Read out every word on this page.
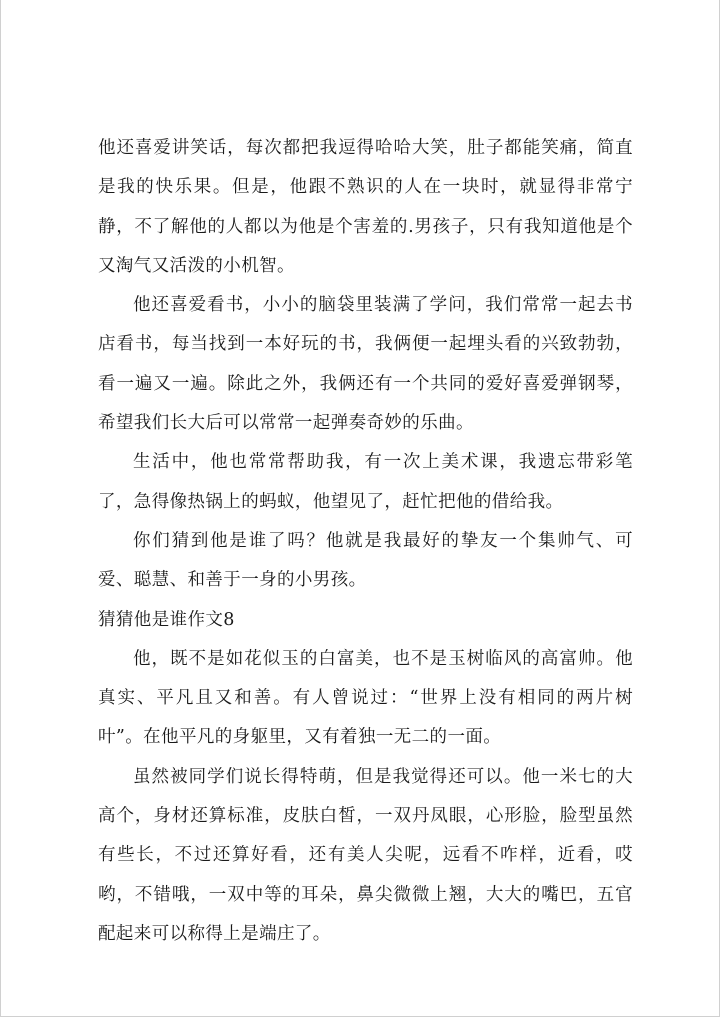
他还喜爱讲笑话，每次都把我逗得哈哈大笑，肚子都能笑痛，简直是我的快乐果。但是，他跟不熟识的人在一块时，就显得非常宁静，不了解他的人都以为他是个害羞的.男孩子，只有我知道他是个又淘气又活泼的小机智。

他还喜爱看书，小小的脑袋里装满了学问，我们常常一起去书店看书，每当找到一本好玩的书，我俩便一起埋头看的兴致勃勃，看一遍又一遍。除此之外，我俩还有一个共同的爱好喜爱弹钢琴，希望我们长大后可以常常一起弹奏奇妙的乐曲。

生活中，他也常常帮助我，有一次上美术课，我遗忘带彩笔了，急得像热锅上的蚂蚁，他望见了，赶忙把他的借给我。

你们猜到他是谁了吗？他就是我最好的挚友一个集帅气、可爱、聪慧、和善于一身的小男孩。

猜猜他是谁作文8

他，既不是如花似玉的白富美，也不是玉树临风的高富帅。他真实、平凡且又和善。有人曾说过：“世界上没有相同的两片树叶”。在他平凡的身躯里，又有着独一无二的一面。

虽然被同学们说长得特萌，但是我觉得还可以。他一米七的大高个，身材还算标准，皮肤白皙，一双丹凤眼，心形脸，脸型虽然有些长，不过还算好看，还有美人尖呢，远看不咋样，近看，哎哟，不错哦，一双中等的耳朵，鼻尖微微上翘，大大的嘴巴，五官配起来可以称得上是端庄了。
